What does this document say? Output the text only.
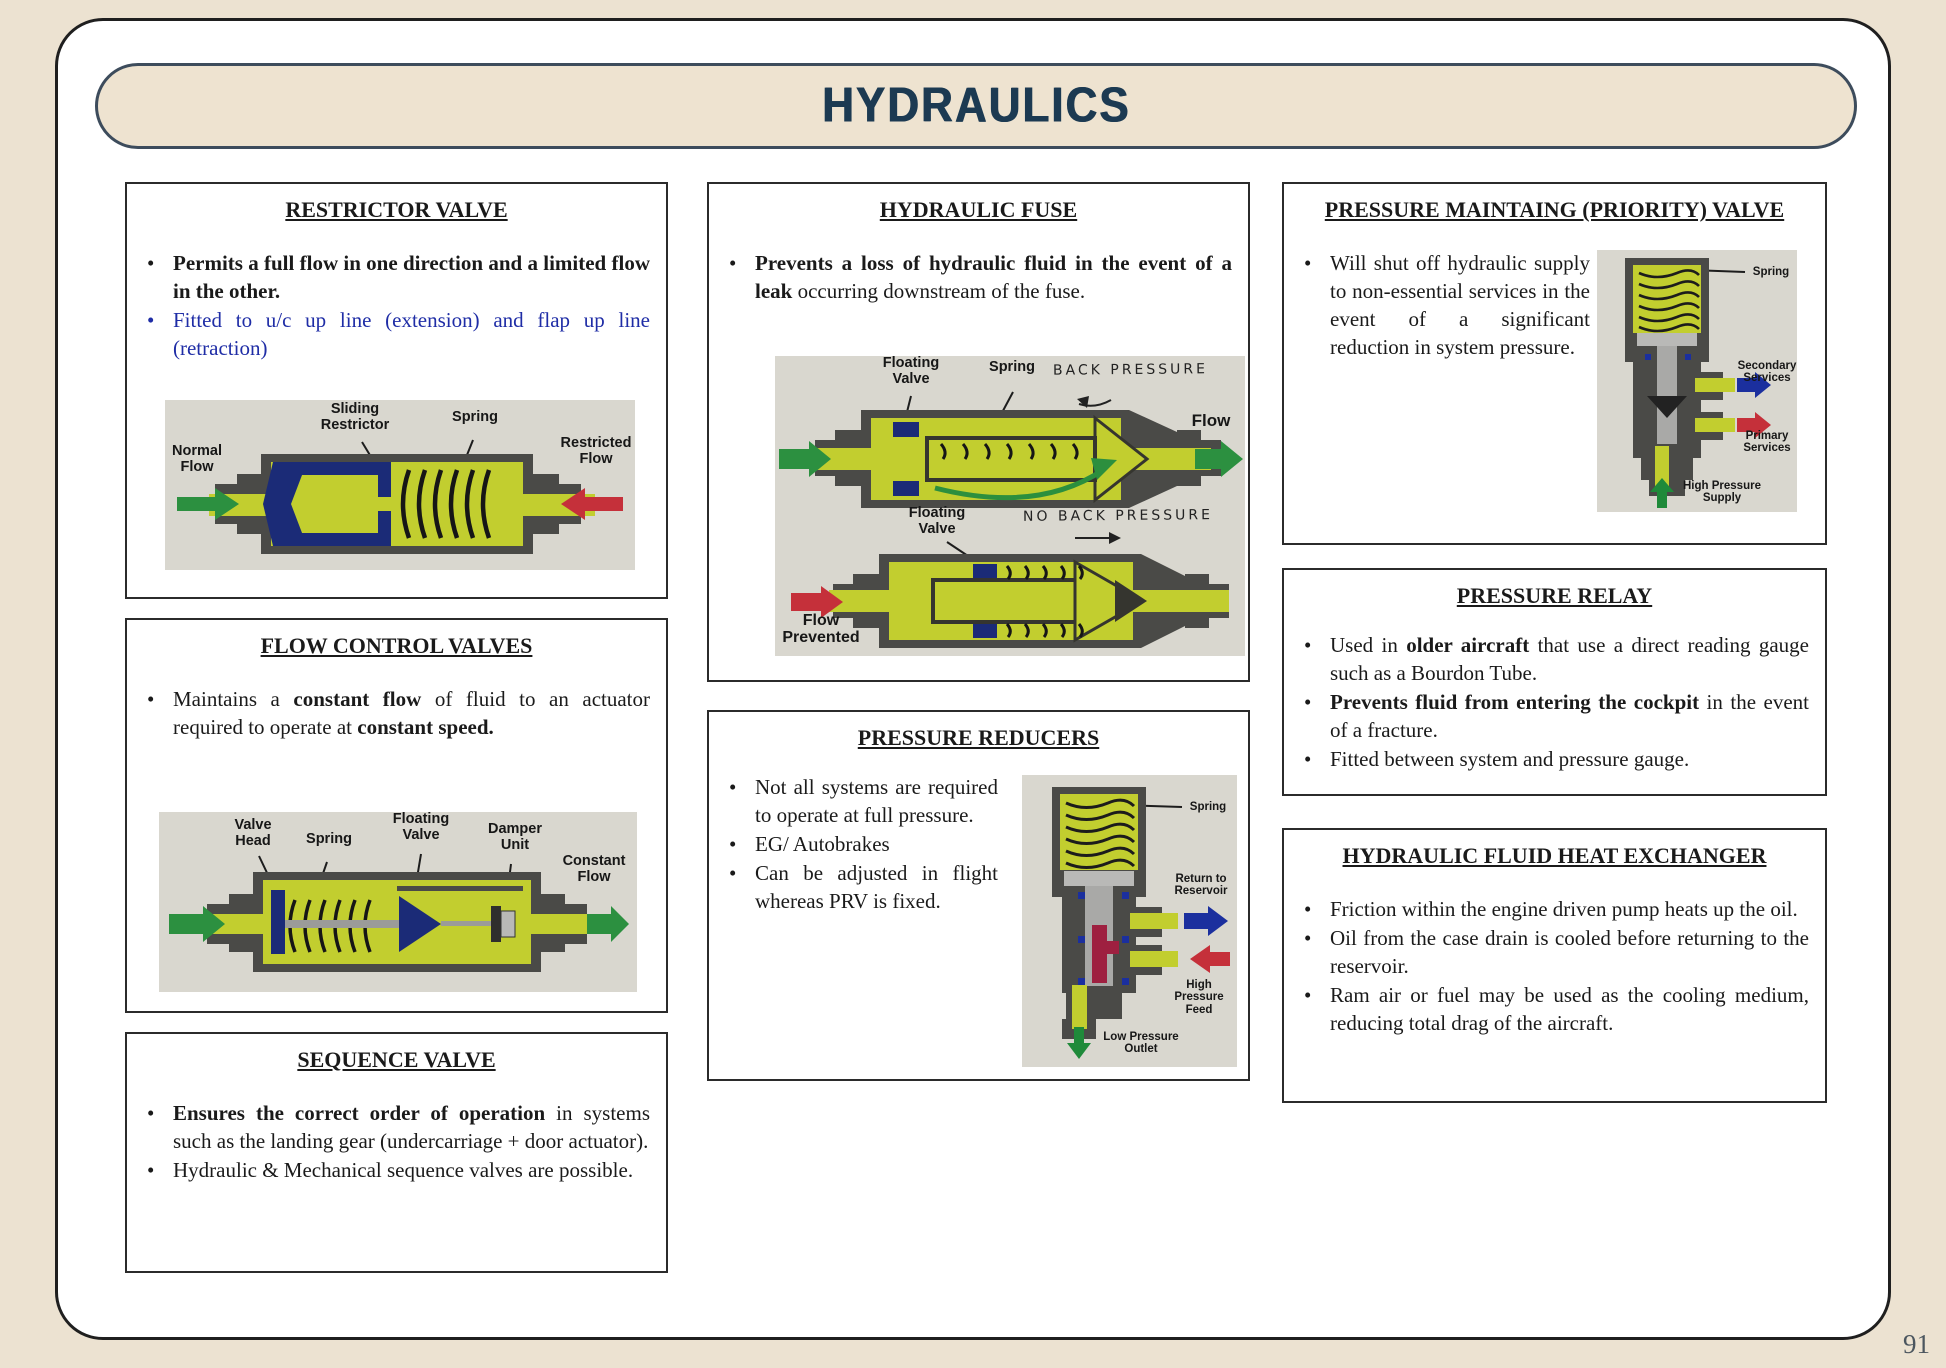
HYDRAULICS
RESTRICTOR VALVE
• Permits a full flow in one direction and a limited flow in the other.
• Fitted to u/c up line (extension) and flap up line (retraction)
Sliding Restrictor	Spring
Normal Flow
Restricted Flow
FLOW CONTROL VALVES
• Maintains a constant flow of fluid to an actuator required to operate at constant speed.
Valve Head	Spring
Floating Valve	Damper Unit
Constant Flow
SEQUENCE VALVE
• Ensures the correct order of operation in systems such as the landing gear (undercarriage + door actuator).
• Hydraulic & Mechanical sequence valves are possible.
HYDRAULIC FUSE
• Prevents a loss of hydraulic fluid in the event of a leak occurring downstream of the fuse.
Floating Valve
Spring	BACK PRESSURE
Flow
Floating Valve
NO BACK PRESSURE
Flow Prevented
PRESSURE REDUCERS
• Not all systems are required to operate at full pressure.
• EG/ Autobrakes
• Can be adjusted in flight whereas PRV is fixed.
Spring
Return to Reservoir
High Pressure Feed
Low Pressure Outlet
PRESSURE MAINTAING (PRIORITY) VALVE
• Will shut off hydraulic supply to non-essential services in the event of a significant reduction in system pressure.
Spring
Secondary Services
Primary Services
High Pressure Supply
PRESSURE RELAY
• Used in older aircraft that use a direct reading gauge such as a Bourdon Tube.
• Prevents fluid from entering the cockpit in the event of a fracture.
• Fitted between system and pressure gauge.
HYDRAULIC FLUID HEAT EXCHANGER
• Friction within the engine driven pump heats up the oil.
• Oil from the case drain is cooled before returning to the reservoir.
• Ram air or fuel may be used as the cooling medium, reducing total drag of the aircraft.
91
